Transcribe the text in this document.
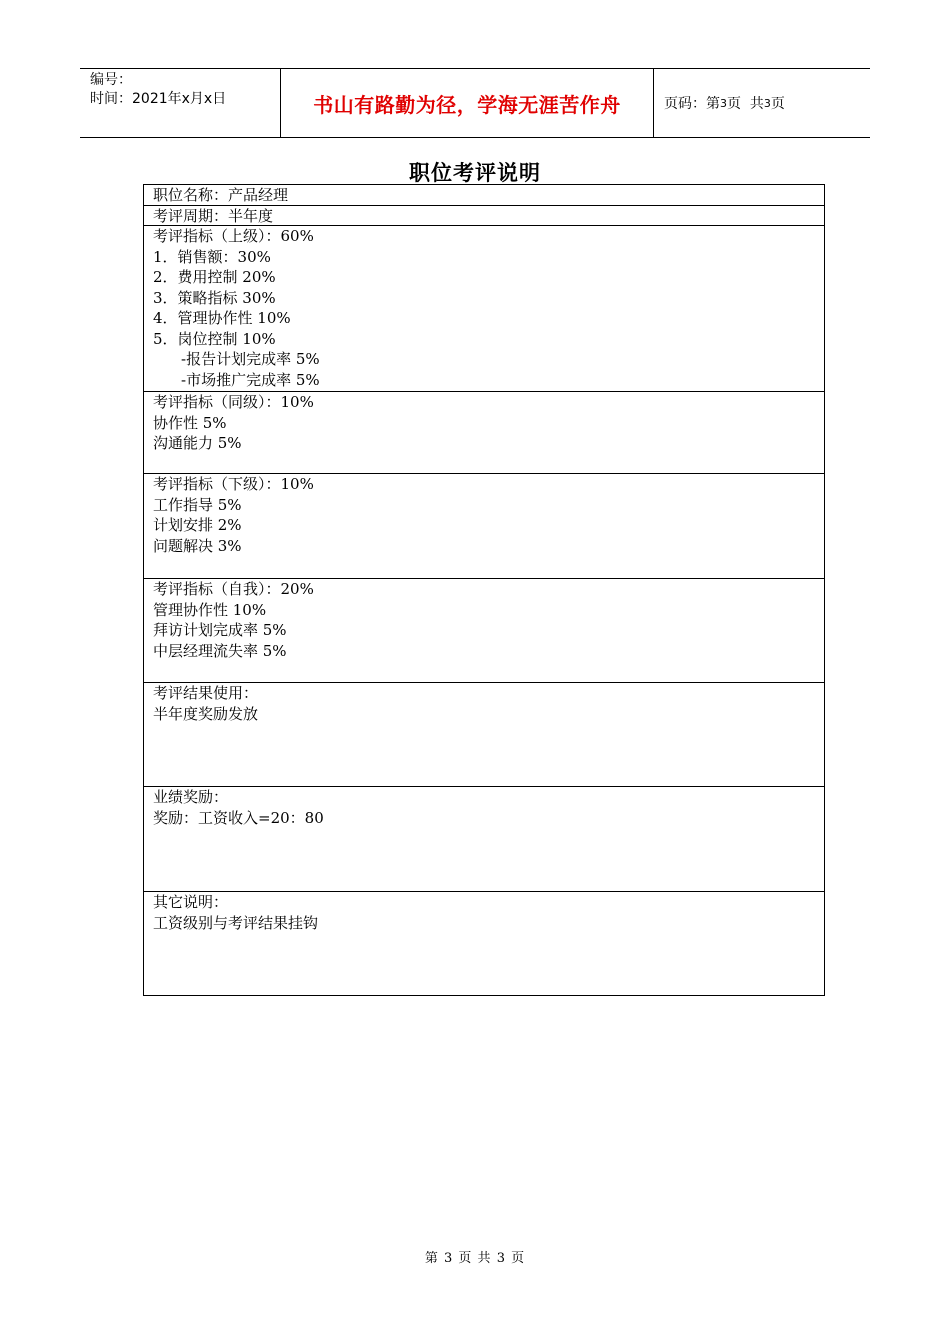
编号：
时间：2021年x月x日	书山有路勤为径，学海无涯苦作舟	页码：第 3 页  共 3 页
职位考评说明
职位名称：产品经理
考评周期：半年度
考评指标（上级）：60%
1．销售额：30%
2．费用控制 20%
3．策略指标 30%
4．管理协作性 10%
5．岗位控制 10%
-报告计划完成率 5%
-市场推广完成率 5%
考评指标（同级）：10%
协作性 5%
沟通能力 5%
考评指标（下级）：10%
工作指导 5%
计划安排 2%
问题解决 3%
考评指标（自我）：20%
管理协作性 10%
拜访计划完成率 5%
中层经理流失率 5%
考评结果使用：
半年度奖励发放
业绩奖励：
奖励：工资收入=20：80
其它说明：
工资级别与考评结果挂钩
第 3 页 共 3 页
